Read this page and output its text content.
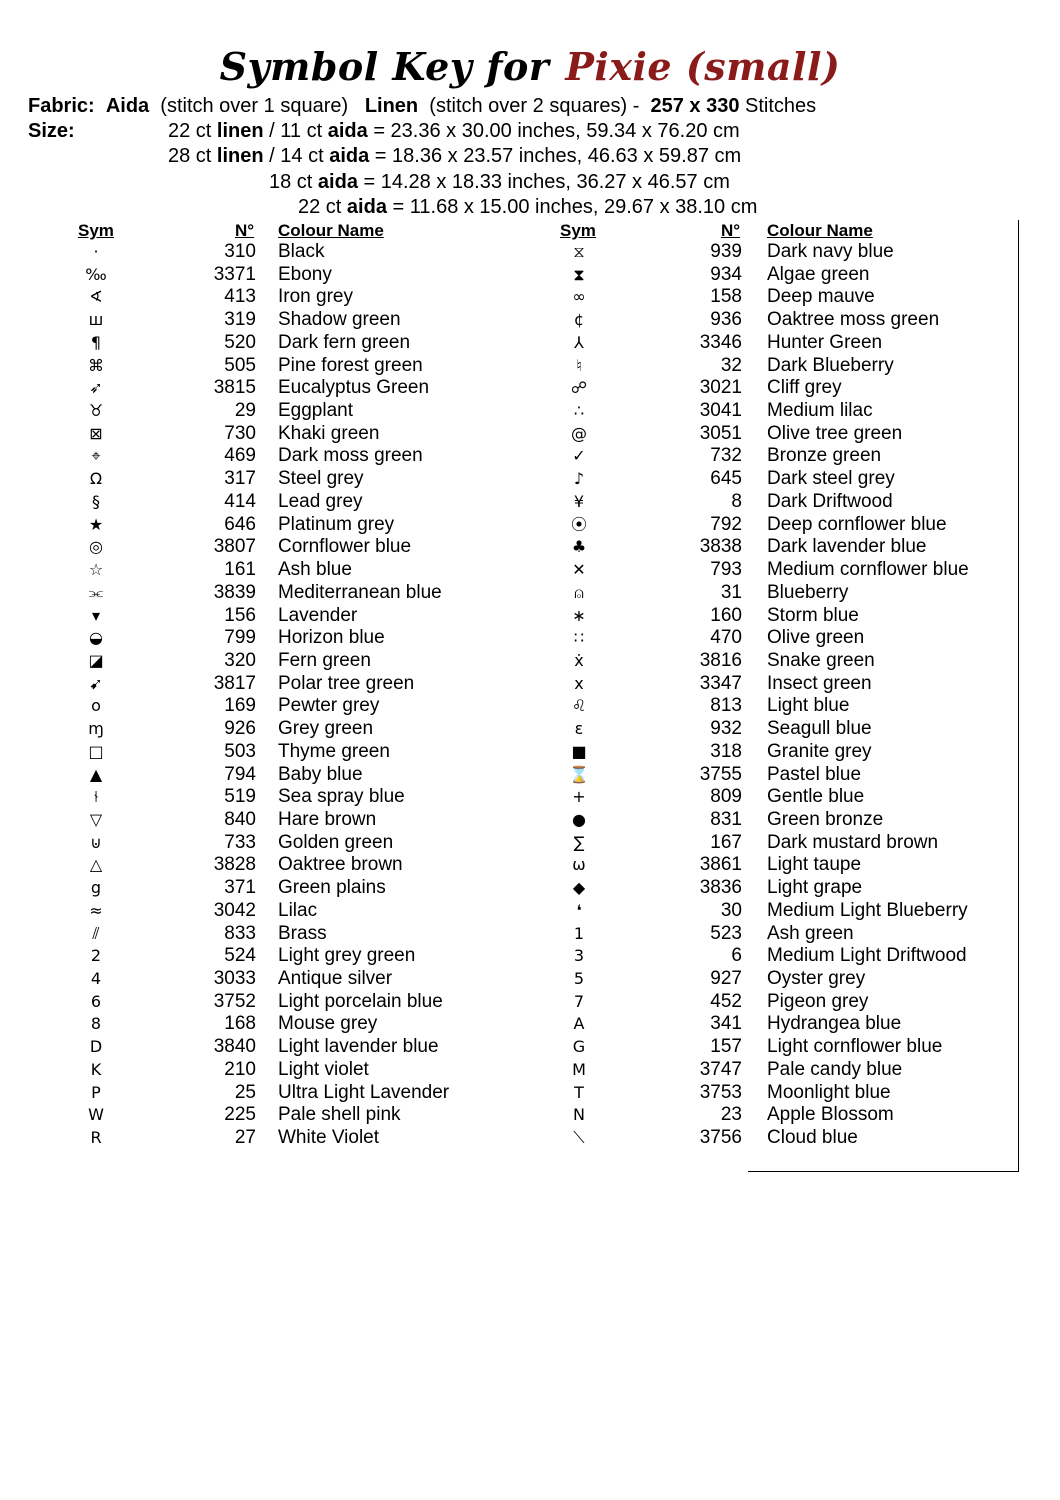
Symbol Key for Pixie (small)
Fabric: Aida (stitch over 1 square) Linen (stitch over 2 squares) - 257 x 330 Stitches
Size:	22 ct linen / 11 ct aida = 23.36 x 30.00 inches, 59.34 x 76.20 cm
28 ct linen / 14 ct aida = 18.36 x 23.57 inches, 46.63 x 59.87 cm
18 ct aida = 14.28 x 18.33 inches, 36.27 x 46.57 cm
22 ct aida = 11.68 x 15.00 inches, 29.67 x 38.10 cm
Sym	N° Colour Name	Sym	N° Colour Name
·	310 Black
‰	3371 Ebony
∢	413 Iron grey
ш	319 Shadow green
¶	520 Dark fern green
⌘	505 Pine forest green
➶	3815 Eucalyptus Green
♉	29 Eggplant
⊠	730 Khaki green
⌖	469 Dark moss green
Ω	317 Steel grey
§	414 Lead grey
★	646 Platinum grey
◎	3807 Cornflower blue
☆	161 Ash blue
⫘	3839 Mediterranean blue
▾	156 Lavender
◒	799 Horizon blue
◪	320 Fern green
➹	3817 Polar tree green
o	169 Pewter grey
ɱ	926 Grey green
□	503 Thyme green
▲	794 Baby blue
⫮	519 Sea spray blue
▽	840 Hare brown
⊍	733 Golden green
△	3828 Oaktree brown
g	371 Green plains
≈	3042 Lilac
⫽	833 Brass
2	524 Light grey green
4	3033 Antique silver
6	3752 Light porcelain blue
8	168 Mouse grey
D	3840 Light lavender blue
K	210 Light violet
P	25 Ultra Light Lavender
W	225 Pale shell pink
R	27 White Violet
⧖	939 Dark navy blue
⧗	934 Algae green
∞	158 Deep mauve
¢	936 Oaktree moss green
⅄	3346 Hunter Green
♮	32 Dark Blueberry
☍	3021 Cliff grey
∴	3041 Medium lilac
@	3051 Olive tree green
✓	732 Bronze green
♪	645 Dark steel grey
¥	8 Dark Driftwood
⦿	792 Deep cornflower blue
♣	3838 Dark lavender blue
✕	793 Medium cornflower blue
⍝	31 Blueberry
∗	160 Storm blue
∷	470 Olive green
ẋ	3816 Snake green
x	3347 Insect green
♌	813 Light blue
ε	932 Seagull blue
■	318 Granite grey
⌛	3755 Pastel blue
+	809 Gentle blue
●	831 Green bronze
∑	167 Dark mustard brown
ω	3861 Light taupe
◆	3836 Light grape
❛	30 Medium Light Blueberry
1	523 Ash green
3	6 Medium Light Driftwood
5	927 Oyster grey
7	452 Pigeon grey
A	341 Hydrangea blue
G	157 Light cornflower blue
M	3747 Pale candy blue
T	3753 Moonlight blue
N	23 Apple Blossom
⟍	3756 Cloud blue
